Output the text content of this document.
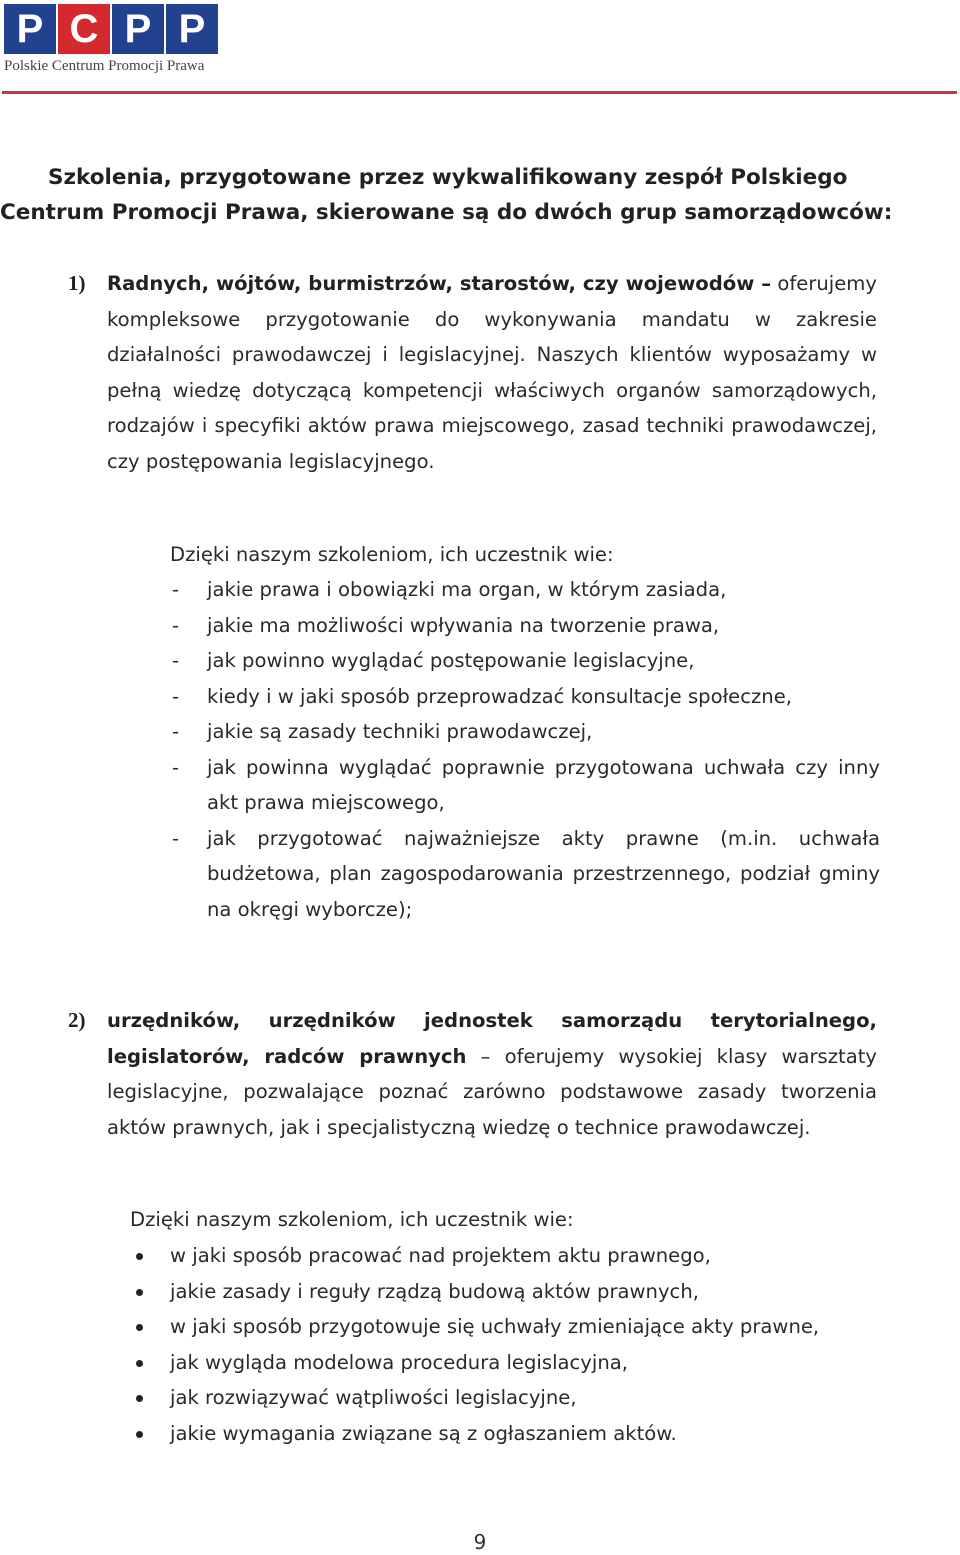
P C P P
Polskie Centrum Promocji Prawa
Szkolenia, przygotowane przez wykwalifikowany zespół Polskiego
Centrum Promocji Prawa, skierowane są do dwóch grup samorządowców:
1) Radnych, wójtów, burmistrzów, starostów, czy wojewodów – oferujemy kompleksowe przygotowanie do wykonywania mandatu w zakresie działalności prawodawczej i legislacyjnej. Naszych klientów wyposażamy w pełną wiedzę dotyczącą kompetencji właściwych organów samorządowych, rodzajów i specyfiki aktów prawa miejscowego, zasad techniki prawodawczej, czy postępowania legislacyjnego.
Dzięki naszym szkoleniom, ich uczestnik wie:
- jakie prawa i obowiązki ma organ, w którym zasiada,
- jakie ma możliwości wpływania na tworzenie prawa,
- jak powinno wyglądać postępowanie legislacyjne,
- kiedy i w jaki sposób przeprowadzać konsultacje społeczne,
- jakie są zasady techniki prawodawczej,
- jak powinna wyglądać poprawnie przygotowana uchwała czy inny akt prawa miejscowego,
- jak przygotować najważniejsze akty prawne (m.in. uchwała budżetowa, plan zagospodarowania przestrzennego, podział gminy na okręgi wyborcze);
2) urzędników, urzędników jednostek samorządu terytorialnego, legislatorów, radców prawnych – oferujemy wysokiej klasy warsztaty legislacyjne, pozwalające poznać zarówno podstawowe zasady tworzenia aktów prawnych, jak i specjalistyczną wiedzę o technice prawodawczej.
Dzięki naszym szkoleniom, ich uczestnik wie:
w jaki sposób pracować nad projektem aktu prawnego,
jakie zasady i reguły rządzą budową aktów prawnych,
w jaki sposób przygotowuje się uchwały zmieniające akty prawne,
jak wygląda modelowa procedura legislacyjna,
jak rozwiązywać wątpliwości legislacyjne,
jakie wymagania związane są z ogłaszaniem aktów.
9
